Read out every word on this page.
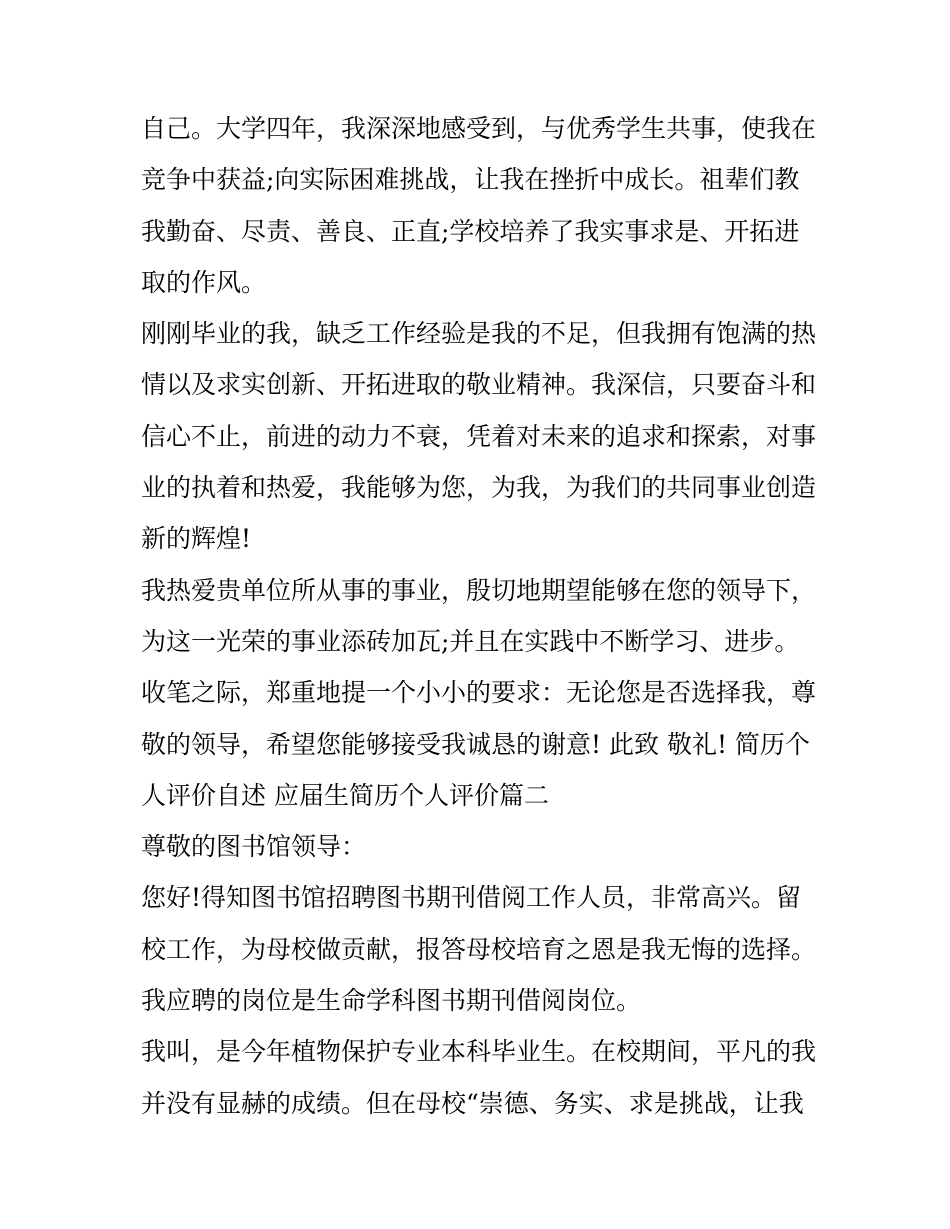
自己。大学四年，我深深地感受到，与优秀学生共事，使我在
竞争中获益;向实际困难挑战，让我在挫折中成长。祖辈们教
我勤奋、尽责、善良、正直;学校培养了我实事求是、开拓进
取的作风。
刚刚毕业的我，缺乏工作经验是我的不足，但我拥有饱满的热
情以及求实创新、开拓进取的敬业精神。我深信，只要奋斗和
信心不止，前进的动力不衰，凭着对未来的追求和探索，对事
业的执着和热爱，我能够为您，为我，为我们的共同事业创造
新的辉煌!
我热爱贵单位所从事的事业，殷切地期望能够在您的领导下，
为这一光荣的事业添砖加瓦;并且在实践中不断学习、进步。
收笔之际，郑重地提一个小小的要求：无论您是否选择我，尊
敬的领导，希望您能够接受我诚恳的谢意! 此致 敬礼! 简历个
人评价自述 应届生简历个人评价篇二
尊敬的图书馆领导：
您好!得知图书馆招聘图书期刊借阅工作人员，非常高兴。留
校工作，为母校做贡献，报答母校培育之恩是我无悔的选择。
我应聘的岗位是生命学科图书期刊借阅岗位。
我叫，是今年植物保护专业本科毕业生。在校期间，平凡的我
并没有显赫的成绩。但在母校“崇德、务实、求是挑战，让我
